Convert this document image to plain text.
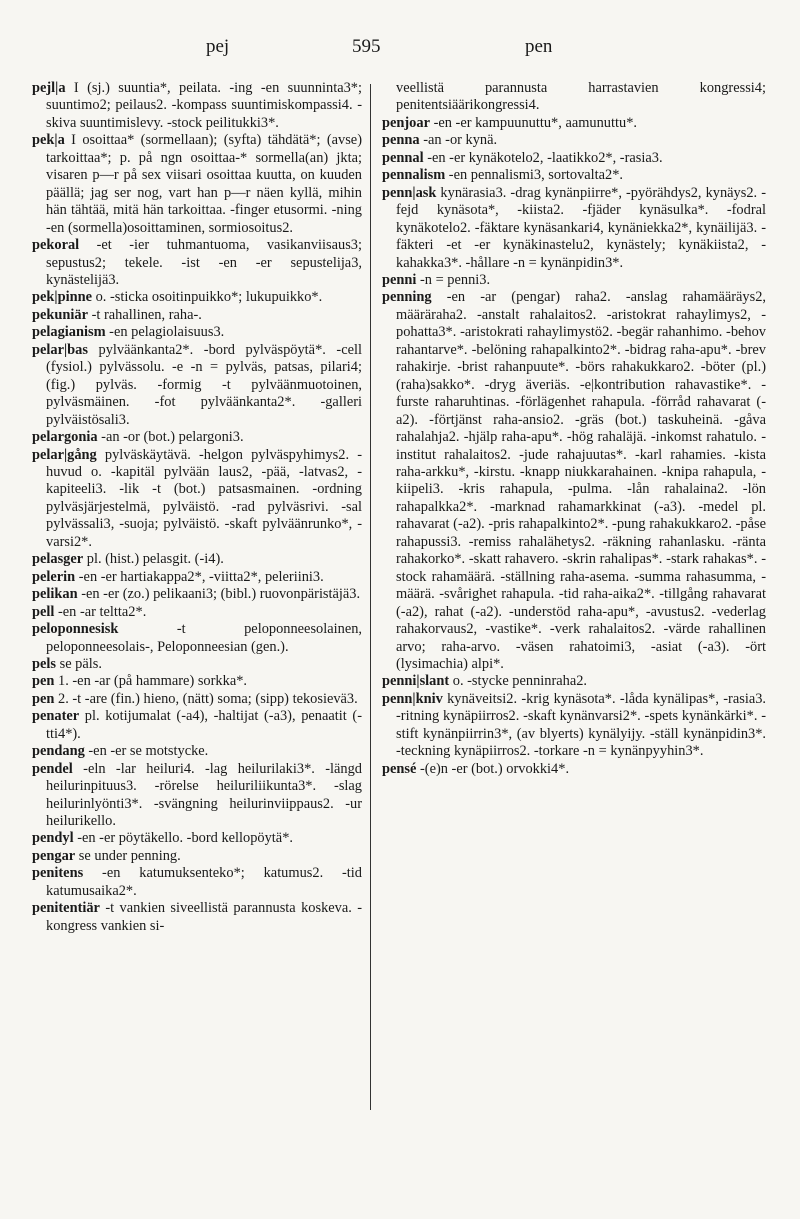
pej	595	pen

pejl|a I (sj.) suuntia*, peilata. -ing -en suunninta3*; suuntimo2; peilaus2. -kompass suuntimiskompassi4. -skiva suuntimislevy. -stock peilitukki3*.

pek|a I osoittaa* (sormellaan); (syfta) tähdätä*; (avse) tarkoittaa*; p. på ngn osoittaa-* sormella(an) jkta; visaren p—r på sex viisari osoittaa kuutta, on kuuden päällä; jag ser nog, vart han p—r näen kyllä, mihin hän tähtää, mitä hän tarkoittaa. -finger etusormi. -ning -en (sormella)osoittaminen, sormiosoitus2.

pekoral -et -ier tuhmantuoma, vasikanviisaus3; sepustus2; tekele. -ist -en -er sepustelija3, kynästelijä3.

pek|pinne o. -sticka osoitinpuikko*; lukupuikko*.

pekuniär -t rahallinen, raha-.

pelagianism -en pelagiolaisuus3.

pelar|bas pylväänkanta2*. -bord pylväspöytä*. -cell (fysiol.) pylvässolu. -e -n = pylväs, patsas, pilari4; (fig.) pylväs. -formig -t pylväänmuotoinen, pylväsmäinen. -fot pylväänkanta2*. -galleri pylväistösali3.

pelargonia -an -or (bot.) pelargoni3.

pelar|gång pylväskäytävä. -helgon pylväspyhimys2. -huvud o. -kapitäl pylvään laus2, -pää, -latvas2, -kapiteeli3. -lik -t (bot.) patsasmainen. -ordning pylväsjärjestelmä, pylväistö. -rad pylväsrivi. -sal pylvässali3, -suoja; pylväistö. -skaft pylväänrunko*, -varsi2*.

pelasger pl. (hist.) pelasgit. (-i4).

pelerin -en -er hartiakappa2*, -viitta2*, peleriini3.

pelikan -en -er (zo.) pelikaani3; (bibl.) ruovonpäristäjä3.

pell -en -ar teltta2*.

peloponnesisk -t peloponneesolainen, peloponneesolais-, Peloponneesian (gen.).

pels se päls.

pen 1. -en -ar (på hammare) sorkka*.

pen 2. -t -are (fin.) hieno, (nätt) soma; (sipp) tekosievä3.

penater pl. kotijumalat (-a4), -haltijat (-a3), penaatit (-tti4*).

pendang -en -er se motstycke.

pendel -eln -lar heiluri4. -lag heilurilaki3*. -längd heilurinpituus3. -rörelse heiluriliikunta3*. -slag heilurinlyönti3*. -svängning heilurinviippaus2. -ur heilurikello.

pendyl -en -er pöytäkello. -bord kellopöytä*.

pengar se under penning.

penitens -en katumuksenteko*; katumus2. -tid katumusaika2*.

penitentiär -t vankien siveellistä parannusta koskeva. -kongress vankien si-

veellistä parannusta harrastavien kongressi4; penitentsiäärikongressi4.

penjoar -en -er kampuunuttu*, aamunuttu*.

penna -an -or kynä.

pennal -en -er kynäkotelo2, -laatikko2*, -rasia3.

pennalism -en pennalismi3, sortovalta2*.

penn|ask kynärasia3. -drag kynänpiirre*, -pyörähdys2, kynäys2. -fejd kynäsota*, -kiista2. -fjäder kynäsulka*. -fodral kynäkotelo2. -fäktare kynäsankari4, kynäniekka2*, kynäilijä3. -fäkteri -et -er kynäkinastelu2, kynästely; kynäkiista2, -kahakka3*. -hållare -n = kynänpidin3*.

penni -n = penni3.

penning -en -ar (pengar) raha2. -anslag rahamääräys2, määräraha2. -anstalt rahalaitos2. -aristokrat rahaylimys2, -pohatta3*. -aristokrati rahaylimystö2. -begär rahanhimo. -behov rahantarve*. -belöning rahapalkinto2*. -bidrag raha-apu*. -brev rahakirje. -brist rahanpuute*. -börs rahakukkaro2. -böter (pl.) (raha)sakko*. -dryg äveriäs. -e|kontribution rahavastike*. -furste raharuhtinas. -förlägenhet rahapula. -förråd rahavarat (-a2). -förtjänst raha-ansio2. -gräs (bot.) taskuheinä. -gåva rahalahja2. -hjälp raha-apu*. -hög rahaläjä. -inkomst rahatulo. -institut rahalaitos2. -jude rahajuutas*. -karl rahamies. -kista raha-arkku*, -kirstu. -knapp niukkarahainen. -knipa rahapula, -kiipeli3. -kris rahapula, -pulma. -lån rahalaina2. -lön rahapalkka2*. -marknad rahamarkkinat (-a3). -medel pl. rahavarat (-a2). -pris rahapalkinto2*. -pung rahakukkaro2. -påse rahapussi3. -remiss rahalähetys2. -räkning rahanlasku. -ränta rahakorko*. -skatt rahavero. -skrin rahalipas*. -stark rahakas*. -stock rahamäärä. -ställning raha-asema. -summa rahasumma, -määrä. -svårighet rahapula. -tid raha-aika2*. -tillgång rahavarat (-a2), rahat (-a2). -understöd raha-apu*, -avustus2. -vederlag rahakorvaus2, -vastike*. -verk rahalaitos2. -värde rahallinen arvo; raha-arvo. -väsen rahatoimi3, -asiat (-a3). -ört (lysimachia) alpi*.

penni|slant o. -stycke penninraha2.

penn|kniv kynäveitsi2. -krig kynäsota*. -låda kynälipas*, -rasia3. -ritning kynäpiirros2. -skaft kynänvarsi2*. -spets kynänkärki*. -stift kynänpiirrin3*, (av blyerts) kynälyijy. -ställ kynänpidin3*. -teckning kynäpiirros2. -torkare -n = kynänpyyhin3*.

pensé -(e)n -er (bot.) orvokki4*.
